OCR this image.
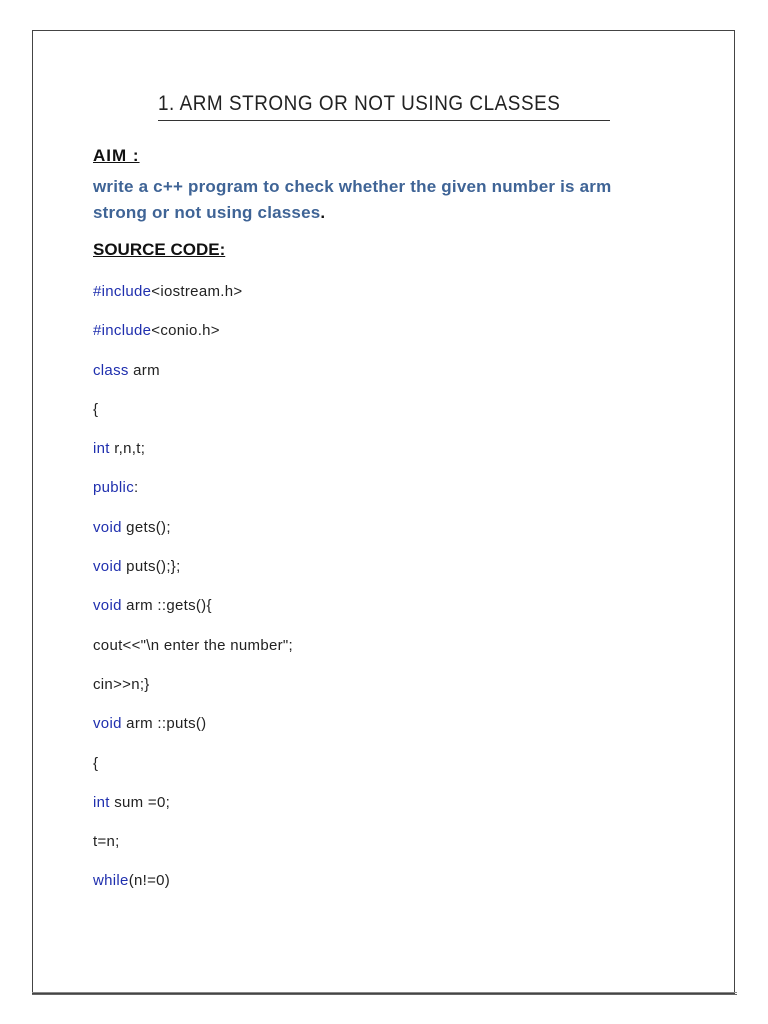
1. ARM STRONG OR NOT USING CLASSES
AIM :
write a c++ program to check whether the given number is arm strong or not using classes.
SOURCE CODE:
#include<iostream.h>
#include<conio.h>
class arm
{
int r,n,t;
public:
void gets();
void puts();};
void arm ::gets(){
cout<<"\n enter the number";
cin>>n;}
void arm ::puts()
{
int sum =0;
t=n;
while(n!=0)
